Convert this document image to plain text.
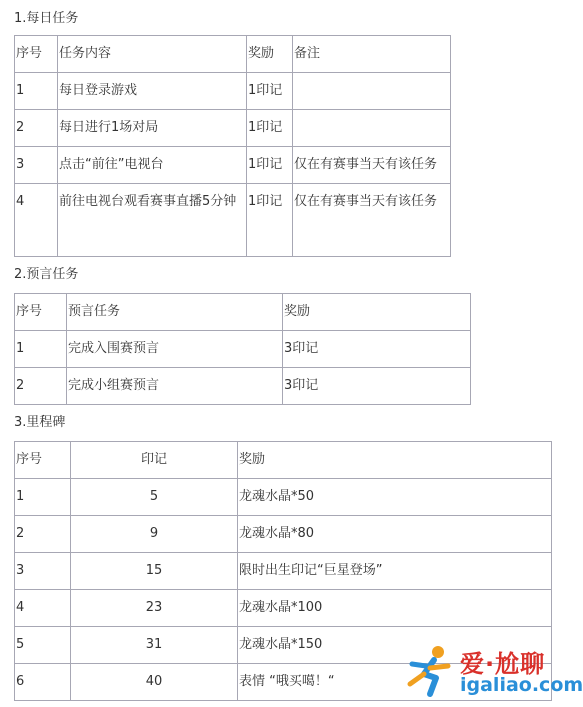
1.每日任务
序号	任务内容	奖励	备注
1	每日登录游戏	1印记	
2	每日进行1场对局	1印记	
3	点击“前往”电视台	1印记	仅在有赛事当天有该任务
4	前往电视台观看赛事直播5分钟	1印记	仅在有赛事当天有该任务
2.预言任务
序号	预言任务	奖励
1	完成入围赛预言	3印记
2	完成小组赛预言	3印记
3.里程碑
序号	印记	奖励
1	5	龙魂水晶*50
2	9	龙魂水晶*80
3	15	限时出生印记“巨星登场”
4	23	龙魂水晶*100
5	31	龙魂水晶*150
6	40	表情 “哦买噶！“
爱·尬聊
igaliao.com
